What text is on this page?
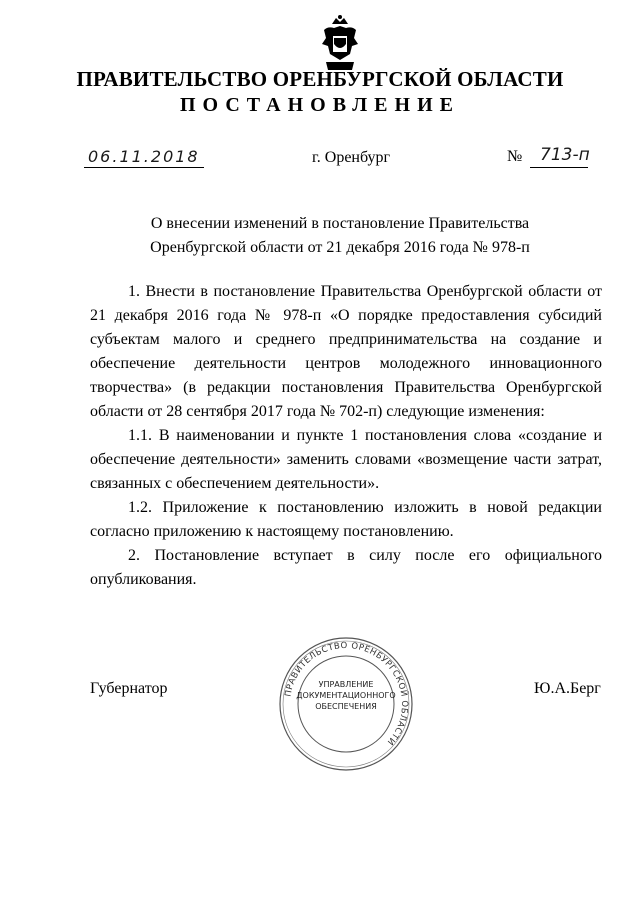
ПРАВИТЕЛЬСТВО ОРЕНБУРГСКОЙ ОБЛАСТИ
ПОСТАНОВЛЕНИЕ
06.11.2018	г. Оренбург	№ 713-п
О внесении изменений в постановление Правительства
Оренбургской области от 21 декабря 2016 года № 978-п

1. Внести в постановление Правительства Оренбургской области от 21 декабря 2016 года № 978-п «О порядке предоставления субсидий субъектам малого и среднего предпринимательства на создание и обеспечение деятельности центров молодежного инновационного творчества» (в редакции постановления Правительства Оренбургской области от 28 сентября 2017 года № 702-п) следующие изменения:

1.1. В наименовании и пункте 1 постановления слова «создание и обеспечение деятельности» заменить словами «возмещение части затрат, связанных с обеспечением деятельности».

1.2. Приложение к постановлению изложить в новой редакции согласно приложению к настоящему постановлению.

2. Постановление вступает в силу после его официального опубликования.

ПРАВИТЕЛЬСТВО ОРЕНБУРГСКОЙ ОБЛАСТИ
УПРАВЛЕНИЕ
ДОКУМЕНТАЦИОННОГО
ОБЕСПЕЧЕНИЯ
Губернатор	Ю.А.Берг
